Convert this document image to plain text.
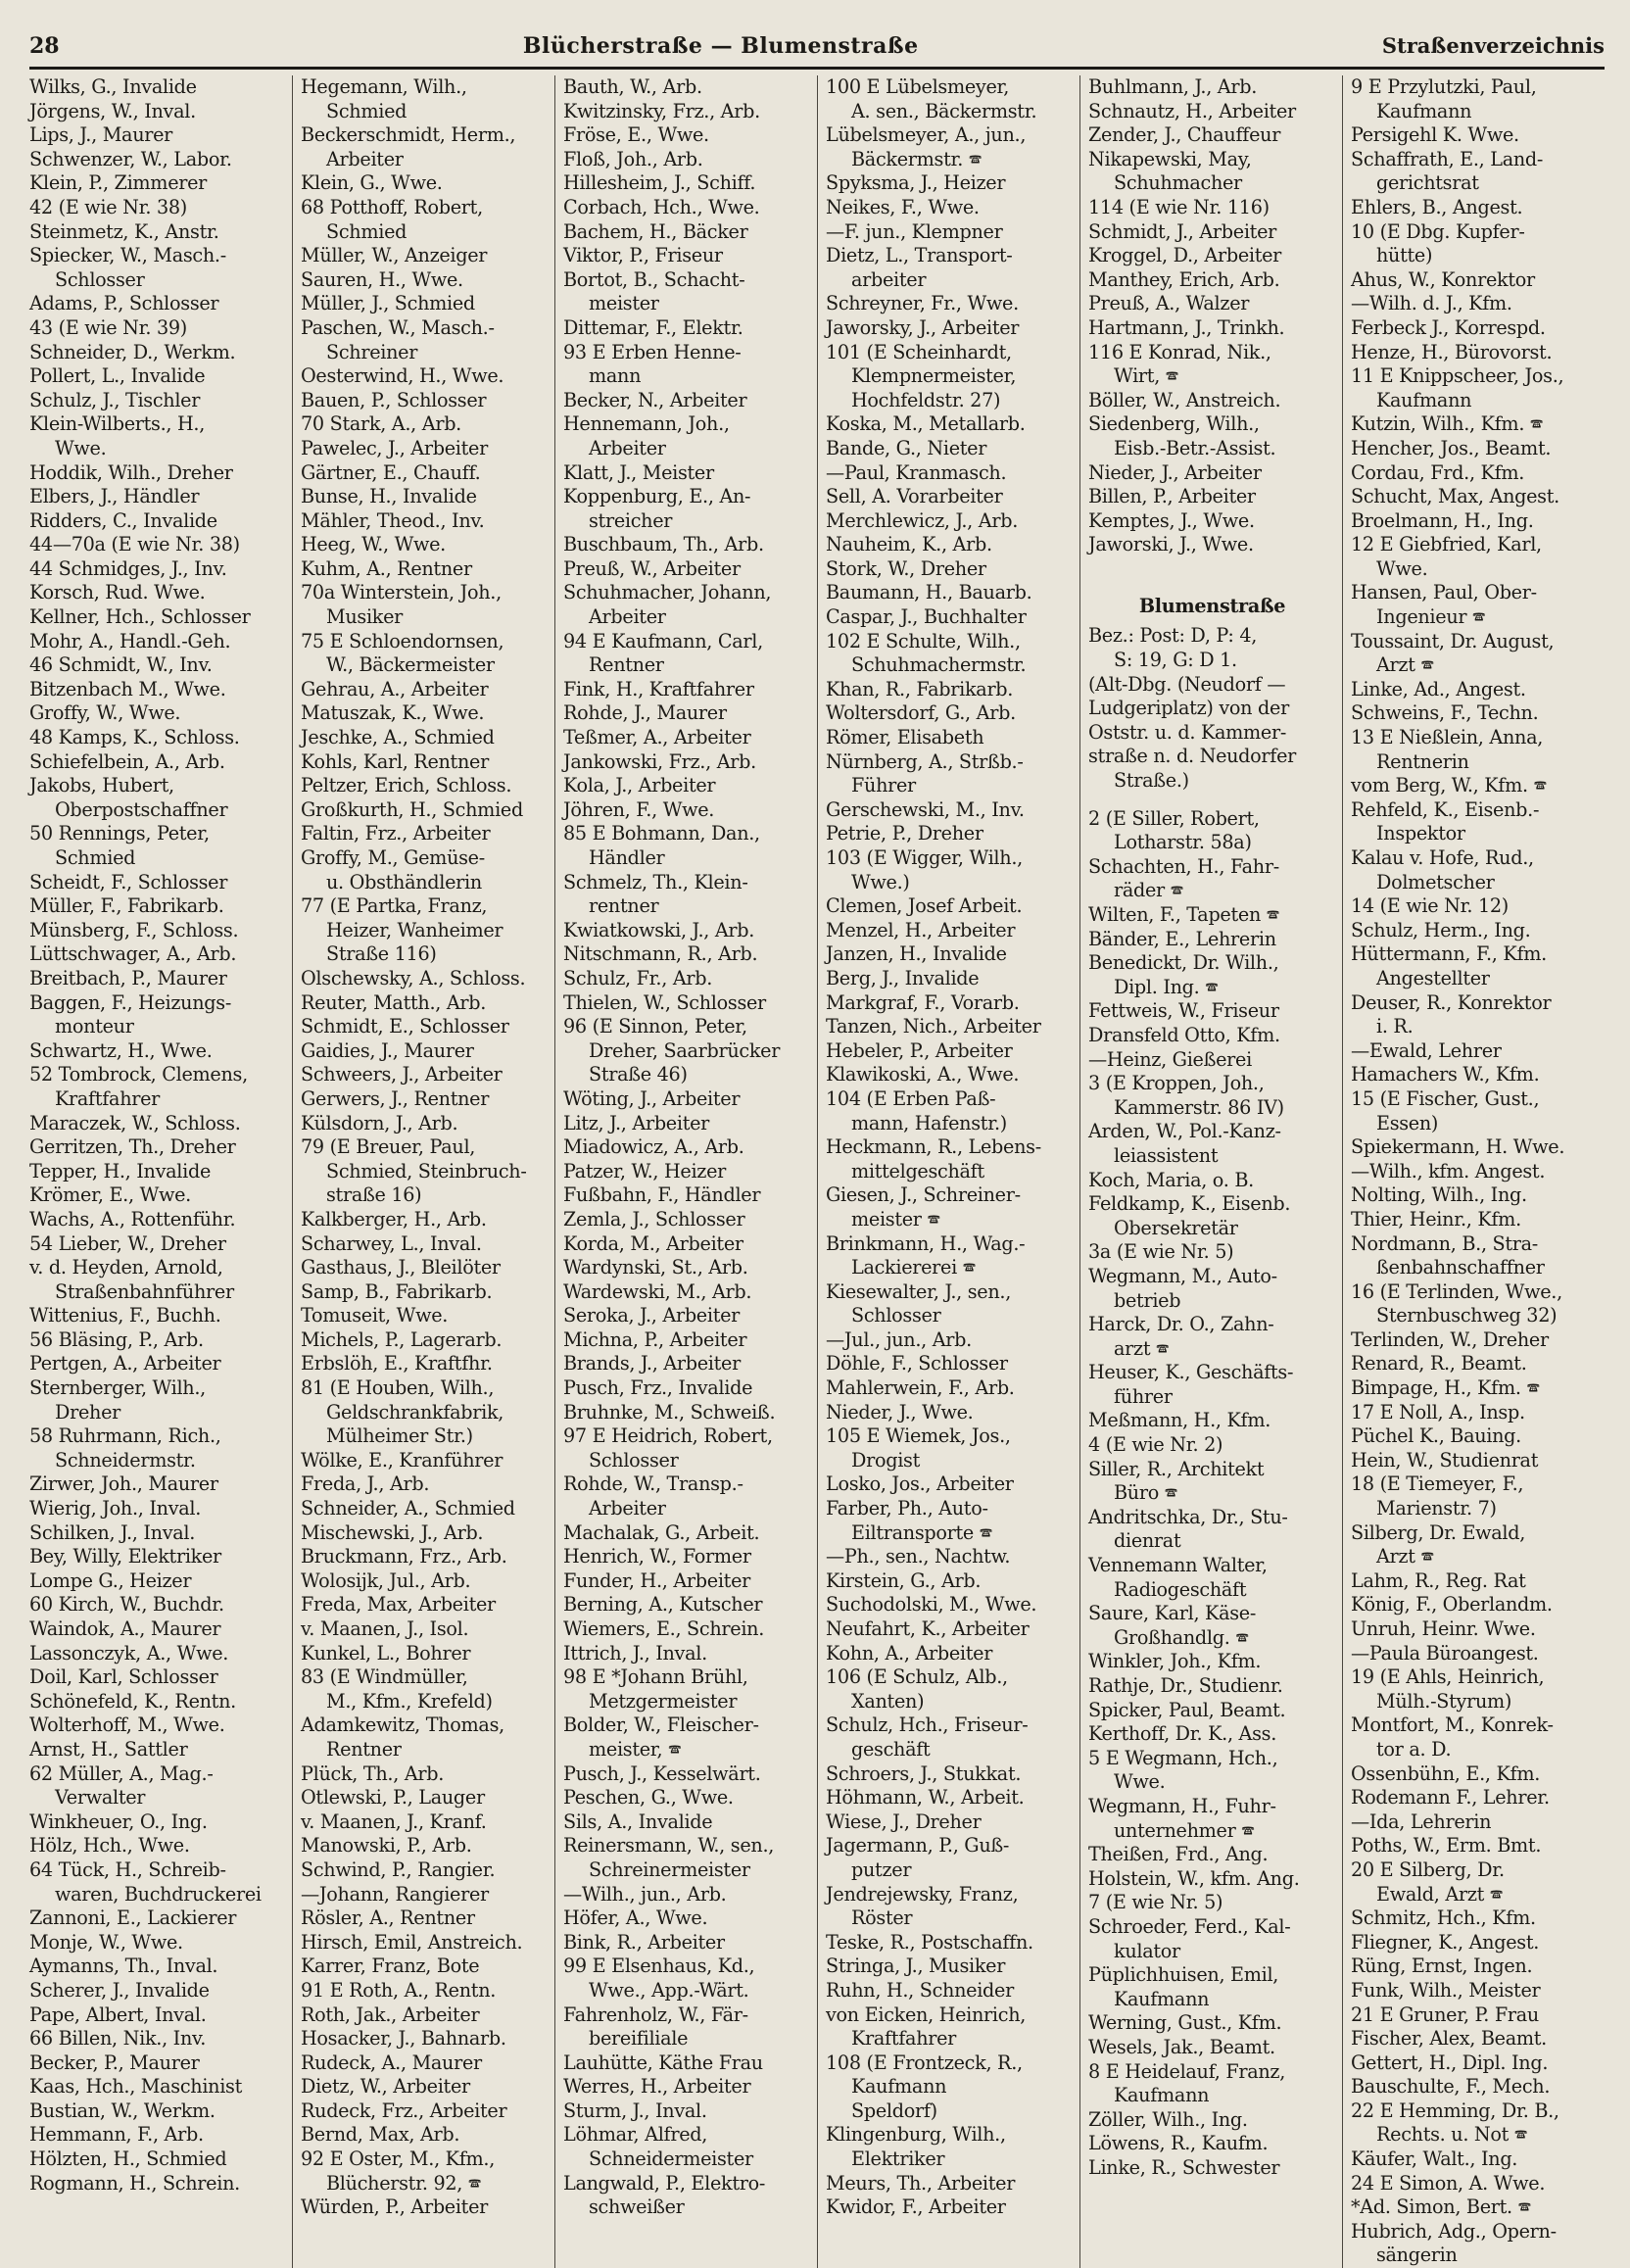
28	Blücherstraße — Blumenstraße	Straßenverzeichnis
Wilks, G., Invalide
Jörgens, W., Inval.
Lips, J., Maurer
Schwenzer, W., Labor.
Klein, P., Zimmerer
42 (E wie Nr. 38)
Steinmetz, K., Anstr.
Spiecker, W., Masch.-
Schlosser
Adams, P., Schlosser
43 (E wie Nr. 39)
Schneider, D., Werkm.
Pollert, L., Invalide
Schulz, J., Tischler
Klein-Wilberts., H.,
Wwe.
Hoddik, Wilh., Dreher
Elbers, J., Händler
Ridders, C., Invalide
44—70a (E wie Nr. 38)
44 Schmidges, J., Inv.
Korsch, Rud. Wwe.
Kellner, Hch., Schlosser
Mohr, A., Handl.-Geh.
46 Schmidt, W., Inv.
Bitzenbach M., Wwe.
Groffy, W., Wwe.
48 Kamps, K., Schloss.
Schiefelbein, A., Arb.
Jakobs, Hubert,
Oberpostschaffner
50 Rennings, Peter,
Schmied
Scheidt, F., Schlosser
Müller, F., Fabrikarb.
Münsberg, F., Schloss.
Lüttschwager, A., Arb.
Breitbach, P., Maurer
Baggen, F., Heizungs-
monteur
Schwartz, H., Wwe.
52 Tombrock, Clemens,
Kraftfahrer
Maraczek, W., Schloss.
Gerritzen, Th., Dreher
Tepper, H., Invalide
Krömer, E., Wwe.
Wachs, A., Rottenführ.
54 Lieber, W., Dreher
v. d. Heyden, Arnold,
Straßenbahnführer
Wittenius, F., Buchh.
56 Bläsing, P., Arb.
Pertgen, A., Arbeiter
Sternberger, Wilh.,
Dreher
58 Ruhrmann, Rich.,
Schneidermstr.
Zirwer, Joh., Maurer
Wierig, Joh., Inval.
Schilken, J., Inval.
Bey, Willy, Elektriker
Lompe G., Heizer
60 Kirch, W., Buchdr.
Waindok, A., Maurer
Lassonczyk, A., Wwe.
Doil, Karl, Schlosser
Schönefeld, K., Rentn.
Wolterhoff, M., Wwe.
Arnst, H., Sattler
62 Müller, A., Mag.-
Verwalter
Winkheuer, O., Ing.
Hölz, Hch., Wwe.
64 Tück, H., Schreib-
waren, Buchdruckerei
Zannoni, E., Lackierer
Monje, W., Wwe.
Aymanns, Th., Inval.
Scherer, J., Invalide
Pape, Albert, Inval.
66 Billen, Nik., Inv.
Becker, P., Maurer
Kaas, Hch., Maschinist
Bustian, W., Werkm.
Hemmann, F., Arb.
Hölzten, H., Schmied
Rogmann, H., Schrein.
Hegemann, Wilh.,
Schmied
Beckerschmidt, Herm.,
Arbeiter
Klein, G., Wwe.
68 Potthoff, Robert,
Schmied
Müller, W., Anzeiger
Sauren, H., Wwe.
Müller, J., Schmied
Paschen, W., Masch.-
Schreiner
Oesterwind, H., Wwe.
Bauen, P., Schlosser
70 Stark, A., Arb.
Pawelec, J., Arbeiter
Gärtner, E., Chauff.
Bunse, H., Invalide
Mähler, Theod., Inv.
Heeg, W., Wwe.
Kuhm, A., Rentner
70a Winterstein, Joh.,
Musiker
75 E Schloendornsen,
W., Bäckermeister
Gehrau, A., Arbeiter
Matuszak, K., Wwe.
Jeschke, A., Schmied
Kohls, Karl, Rentner
Peltzer, Erich, Schloss.
Großkurth, H., Schmied
Faltin, Frz., Arbeiter
Groffy, M., Gemüse-
u. Obsthändlerin
77 (E Partka, Franz,
Heizer, Wanheimer
Straße 116)
Olschewsky, A., Schloss.
Reuter, Matth., Arb.
Schmidt, E., Schlosser
Gaidies, J., Maurer
Schweers, J., Arbeiter
Gerwers, J., Rentner
Külsdorn, J., Arb.
79 (E Breuer, Paul,
Schmied, Steinbruch-
straße 16)
Kalkberger, H., Arb.
Scharwey, L., Inval.
Gasthaus, J., Bleilöter
Samp, B., Fabrikarb.
Tomuseit, Wwe.
Michels, P., Lagerarb.
Erbslöh, E., Kraftfhr.
81 (E Houben, Wilh.,
Geldschrankfabrik,
Mülheimer Str.)
Wölke, E., Kranführer
Freda, J., Arb.
Schneider, A., Schmied
Mischewski, J., Arb.
Bruckmann, Frz., Arb.
Wolosijk, Jul., Arb.
Freda, Max, Arbeiter
v. Maanen, J., Isol.
Kunkel, L., Bohrer
83 (E Windmüller,
M., Kfm., Krefeld)
Adamkewitz, Thomas,
Rentner
Plück, Th., Arb.
Otlewski, P., Lauger
v. Maanen, J., Kranf.
Manowski, P., Arb.
Schwind, P., Rangier.
—Johann, Rangierer
Rösler, A., Rentner
Hirsch, Emil, Anstreich.
Karrer, Franz, Bote
91 E Roth, A., Rentn.
Roth, Jak., Arbeiter
Hosacker, J., Bahnarb.
Rudeck, A., Maurer
Dietz, W., Arbeiter
Rudeck, Frz., Arbeiter
Bernd, Max, Arb.
92 E Oster, M., Kfm.,
Blücherstr. 92, 🕿
Würden, P., Arbeiter
Bauth, W., Arb.
Kwitzinsky, Frz., Arb.
Fröse, E., Wwe.
Floß, Joh., Arb.
Hillesheim, J., Schiff.
Corbach, Hch., Wwe.
Bachem, H., Bäcker
Viktor, P., Friseur
Bortot, B., Schacht-
meister
Dittemar, F., Elektr.
93 E Erben Henne-
mann
Becker, N., Arbeiter
Hennemann, Joh.,
Arbeiter
Klatt, J., Meister
Koppenburg, E., An-
streicher
Buschbaum, Th., Arb.
Preuß, W., Arbeiter
Schuhmacher, Johann,
Arbeiter
94 E Kaufmann, Carl,
Rentner
Fink, H., Kraftfahrer
Rohde, J., Maurer
Teßmer, A., Arbeiter
Jankowski, Frz., Arb.
Kola, J., Arbeiter
Jöhren, F., Wwe.
85 E Bohmann, Dan.,
Händler
Schmelz, Th., Klein-
rentner
Kwiatkowski, J., Arb.
Nitschmann, R., Arb.
Schulz, Fr., Arb.
Thielen, W., Schlosser
96 (E Sinnon, Peter,
Dreher, Saarbrücker
Straße 46)
Wöting, J., Arbeiter
Litz, J., Arbeiter
Miadowicz, A., Arb.
Patzer, W., Heizer
Fußbahn, F., Händler
Zemla, J., Schlosser
Korda, M., Arbeiter
Wardynski, St., Arb.
Wardewski, M., Arb.
Seroka, J., Arbeiter
Michna, P., Arbeiter
Brands, J., Arbeiter
Pusch, Frz., Invalide
Bruhnke, M., Schweiß.
97 E Heidrich, Robert,
Schlosser
Rohde, W., Transp.-
Arbeiter
Machalak, G., Arbeit.
Henrich, W., Former
Funder, H., Arbeiter
Berning, A., Kutscher
Wiemers, E., Schrein.
Ittrich, J., Inval.
98 E *Johann Brühl,
Metzgermeister
Bolder, W., Fleischer-
meister, 🕿
Pusch, J., Kesselwärt.
Peschen, G., Wwe.
Sils, A., Invalide
Reinersmann, W., sen.,
Schreinermeister
—Wilh., jun., Arb.
Höfer, A., Wwe.
Bink, R., Arbeiter
99 E Elsenhaus, Kd.,
Wwe., App.-Wärt.
Fahrenholz, W., Fär-
bereifiliale
Lauhütte, Käthe Frau
Werres, H., Arbeiter
Sturm, J., Inval.
Löhmar, Alfred,
Schneidermeister
Langwald, P., Elektro-
schweißer
100 E Lübelsmeyer,
A. sen., Bäckermstr.
Lübelsmeyer, A., jun.,
Bäckermstr. 🕿
Spyksma, J., Heizer
Neikes, F., Wwe.
—F. jun., Klempner
Dietz, L., Transport-
arbeiter
Schreyner, Fr., Wwe.
Jaworsky, J., Arbeiter
101 (E Scheinhardt,
Klempnermeister,
Hochfeldstr. 27)
Koska, M., Metallarb.
Bande, G., Nieter
—Paul, Kranmasch.
Sell, A. Vorarbeiter
Merchlewicz, J., Arb.
Nauheim, K., Arb.
Stork, W., Dreher
Baumann, H., Bauarb.
Caspar, J., Buchhalter
102 E Schulte, Wilh.,
Schuhmachermstr.
Khan, R., Fabrikarb.
Woltersdorf, G., Arb.
Römer, Elisabeth
Nürnberg, A., Strßb.-
Führer
Gerschewski, M., Inv.
Petrie, P., Dreher
103 (E Wigger, Wilh.,
Wwe.)
Clemen, Josef Arbeit.
Menzel, H., Arbeiter
Janzen, H., Invalide
Berg, J., Invalide
Markgraf, F., Vorarb.
Tanzen, Nich., Arbeiter
Hebeler, P., Arbeiter
Klawikoski, A., Wwe.
104 (E Erben Paß-
mann, Hafenstr.)
Heckmann, R., Lebens-
mittelgeschäft
Giesen, J., Schreiner-
meister 🕿
Brinkmann, H., Wag.-
Lackiererei 🕿
Kiesewalter, J., sen.,
Schlosser
—Jul., jun., Arb.
Döhle, F., Schlosser
Mahlerwein, F., Arb.
Nieder, J., Wwe.
105 E Wiemek, Jos.,
Drogist
Losko, Jos., Arbeiter
Farber, Ph., Auto-
Eiltransporte 🕿
—Ph., sen., Nachtw.
Kirstein, G., Arb.
Suchodolski, M., Wwe.
Neufahrt, K., Arbeiter
Kohn, A., Arbeiter
106 (E Schulz, Alb.,
Xanten)
Schulz, Hch., Friseur-
geschäft
Schroers, J., Stukkat.
Höhmann, W., Arbeit.
Wiese, J., Dreher
Jagermann, P., Guß-
putzer
Jendrejewsky, Franz,
Röster
Teske, R., Postschaffn.
Stringa, J., Musiker
Ruhn, H., Schneider
von Eicken, Heinrich,
Kraftfahrer
108 (E Frontzeck, R.,
Kaufmann
Speldorf)
Klingenburg, Wilh.,
Elektriker
Meurs, Th., Arbeiter
Kwidor, F., Arbeiter
Buhlmann, J., Arb.
Schnautz, H., Arbeiter
Zender, J., Chauffeur
Nikapewski, May,
Schuhmacher
114 (E wie Nr. 116)
Schmidt, J., Arbeiter
Kroggel, D., Arbeiter
Manthey, Erich, Arb.
Preuß, A., Walzer
Hartmann, J., Trinkh.
116 E Konrad, Nik.,
Wirt, 🕿
Böller, W., Anstreich.
Siedenberg, Wilh.,
Eisb.-Betr.-Assist.
Nieder, J., Arbeiter
Billen, P., Arbeiter
Kemptes, J., Wwe.
Jaworski, J., Wwe.
Blumenstraße
Bez.: Post: D, P: 4,
S: 19, G: D 1.
(Alt-Dbg. (Neudorf —
Ludgeriplatz) von der
Oststr. u. d. Kammer-
straße n. d. Neudorfer
Straße.)
2 (E Siller, Robert,
Lotharstr. 58a)
Schachten, H., Fahr-
räder 🕿
Wilten, F., Tapeten 🕿
Bänder, E., Lehrerin
Benedickt, Dr. Wilh.,
Dipl. Ing. 🕿
Fettweis, W., Friseur
Dransfeld Otto, Kfm.
—Heinz, Gießerei
3 (E Kroppen, Joh.,
Kammerstr. 86 IV)
Arden, W., Pol.-Kanz-
leiassistent
Koch, Maria, o. B.
Feldkamp, K., Eisenb.
Obersekretär
3a (E wie Nr. 5)
Wegmann, M., Auto-
betrieb
Harck, Dr. O., Zahn-
arzt 🕿
Heuser, K., Geschäfts-
führer
Meßmann, H., Kfm.
4 (E wie Nr. 2)
Siller, R., Architekt
Büro 🕿
Andritschka, Dr., Stu-
dienrat
Vennemann Walter,
Radiogeschäft
Saure, Karl, Käse-
Großhandlg. 🕿
Winkler, Joh., Kfm.
Rathje, Dr., Studienr.
Spicker, Paul, Beamt.
Kerthoff, Dr. K., Ass.
5 E Wegmann, Hch.,
Wwe.
Wegmann, H., Fuhr-
unternehmer 🕿
Theißen, Frd., Ang.
Holstein, W., kfm. Ang.
7 (E wie Nr. 5)
Schroeder, Ferd., Kal-
kulator
Püplichhuisen, Emil,
Kaufmann
Werning, Gust., Kfm.
Wesels, Jak., Beamt.
8 E Heidelauf, Franz,
Kaufmann
Zöller, Wilh., Ing.
Löwens, R., Kaufm.
Linke, R., Schwester
9 E Przylutzki, Paul,
Kaufmann
Persigehl K. Wwe.
Schaffrath, E., Land-
gerichtsrat
Ehlers, B., Angest.
10 (E Dbg. Kupfer-
hütte)
Ahus, W., Konrektor
—Wilh. d. J., Kfm.
Ferbeck J., Korrespd.
Henze, H., Bürovorst.
11 E Knippscheer, Jos.,
Kaufmann
Kutzin, Wilh., Kfm. 🕿
Hencher, Jos., Beamt.
Cordau, Frd., Kfm.
Schucht, Max, Angest.
Broelmann, H., Ing.
12 E Giebfried, Karl,
Wwe.
Hansen, Paul, Ober-
Ingenieur 🕿
Toussaint, Dr. August,
Arzt 🕿
Linke, Ad., Angest.
Schweins, F., Techn.
13 E Nießlein, Anna,
Rentnerin
vom Berg, W., Kfm. 🕿
Rehfeld, K., Eisenb.-
Inspektor
Kalau v. Hofe, Rud.,
Dolmetscher
14 (E wie Nr. 12)
Schulz, Herm., Ing.
Hüttermann, F., Kfm.
Angestellter
Deuser, R., Konrektor
i. R.
—Ewald, Lehrer
Hamachers W., Kfm.
15 (E Fischer, Gust.,
Essen)
Spiekermann, H. Wwe.
—Wilh., kfm. Angest.
Nolting, Wilh., Ing.
Thier, Heinr., Kfm.
Nordmann, B., Stra-
ßenbahnschaffner
16 (E Terlinden, Wwe.,
Sternbuschweg 32)
Terlinden, W., Dreher
Renard, R., Beamt.
Bimpage, H., Kfm. 🕿
17 E Noll, A., Insp.
Püchel K., Bauing.
Hein, W., Studienrat
18 (E Tiemeyer, F.,
Marienstr. 7)
Silberg, Dr. Ewald,
Arzt 🕿
Lahm, R., Reg. Rat
König, F., Oberlandm.
Unruh, Heinr. Wwe.
—Paula Büroangest.
19 (E Ahls, Heinrich,
Mülh.-Styrum)
Montfort, M., Konrek-
tor a. D.
Ossenbühn, E., Kfm.
Rodemann F., Lehrer.
—Ida, Lehrerin
Poths, W., Erm. Bmt.
20 E Silberg, Dr.
Ewald, Arzt 🕿
Schmitz, Hch., Kfm.
Fliegner, K., Angest.
Rüng, Ernst, Ingen.
Funk, Wilh., Meister
21 E Gruner, P. Frau
Fischer, Alex, Beamt.
Gettert, H., Dipl. Ing.
Bauschulte, F., Mech.
22 E Hemming, Dr. B.,
Rechts. u. Not 🕿
Käufer, Walt., Ing.
24 E Simon, A. Wwe.
*Ad. Simon, Bert. 🕿
Hubrich, Adg., Opern-
sängerin
